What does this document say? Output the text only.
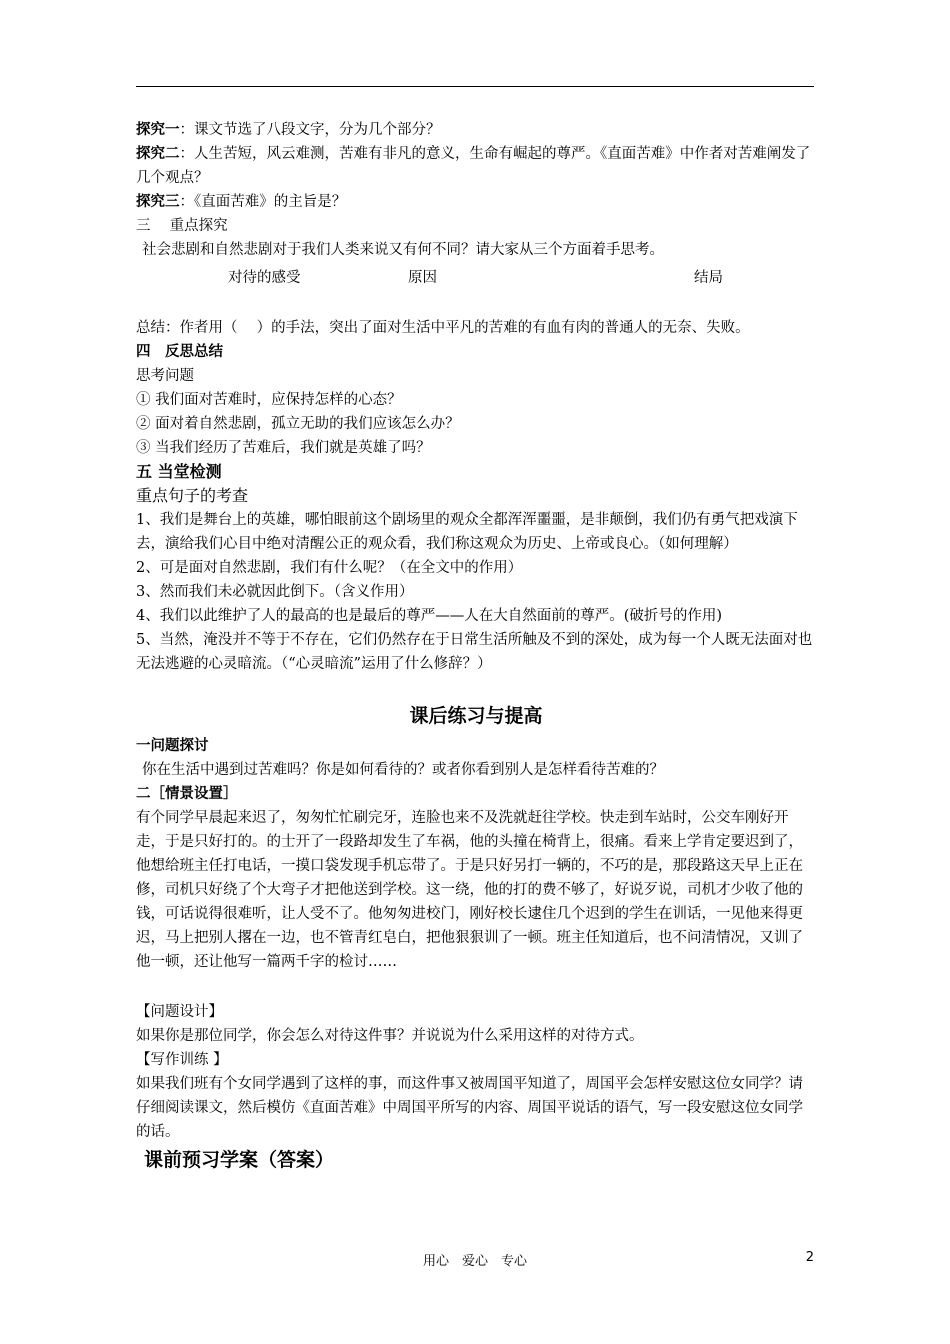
探究一：课文节选了八段文字，分为几个部分？

探究二：人生苦短，风云难测，苦难有非凡的意义，生命有崛起的尊严。《直面苦难》中作者对苦难阐发了几个观点？

探究三：《直面苦难》的主旨是？

三　 重点探究

社会悲剧和自然悲剧对于我们人类来说又有何不同？请大家从三个方面着手思考。

对待的感受	原因	结局

总结：作者用（　 ）的手法，突出了面对生活中平凡的苦难的有血有肉的普通人的无奈、失败。

四　反思总结

思考问题

① 我们面对苦难时，应保持怎样的心态？

② 面对着自然悲剧，孤立无助的我们应该怎么办？

③ 当我们经历了苦难后，我们就是英雄了吗？

五 当堂检测

重点句子的考查

1、我们是舞台上的英雄，哪怕眼前这个剧场里的观众全都浑浑噩噩，是非颠倒，我们仍有勇气把戏演下去，演给我们心目中绝对清醒公正的观众看，我们称这观众为历史、上帝或良心。（如何理解）

2、可是面对自然悲剧，我们有什么呢？（在全文中的作用）

3、然而我们未必就因此倒下。（含义作用）

4、我们以此维护了人的最高的也是最后的尊严——人在大自然面前的尊严。(破折号的作用)

5、当然，淹没并不等于不存在，它们仍然存在于日常生活所触及不到的深处，成为每一个人既无法面对也无法逃避的心灵暗流。（“心灵暗流”运用了什么修辞？）

课后练习与提高

一问题探讨

你在生活中遇到过苦难吗？你是如何看待的？或者你看到别人是怎样看待苦难的？

二［情景设置］

有个同学早晨起来迟了，匆匆忙忙刷完牙，连脸也来不及洗就赶往学校。快走到车站时，公交车刚好开走，于是只好打的。的士开了一段路却发生了车祸，他的头撞在椅背上，很痛。看来上学肯定要迟到了，他想给班主任打电话，一摸口袋发现手机忘带了。于是只好另打一辆的，不巧的是，那段路这天早上正在修，司机只好绕了个大弯子才把他送到学校。这一绕，他的打的费不够了，好说歹说，司机才少收了他的钱，可话说得很难听，让人受不了。他匆匆进校门，刚好校长逮住几个迟到的学生在训话，一见他来得更迟，马上把别人撂在一边，也不管青红皂白，把他狠狠训了一顿。班主任知道后，也不问清情况，又训了他一顿，还让他写一篇两千字的检讨……

【问题设计】

如果你是那位同学，你会怎么对待这件事？并说说为什么采用这样的对待方式。

【写作训练 】

如果我们班有个女同学遇到了这样的事，而这件事又被周国平知道了，周国平会怎样安慰这位女同学？请仔细阅读课文，然后模仿《直面苦难》中周国平所写的内容、周国平说话的语气，写一段安慰这位女同学的话。

课前预习学案（答案）

用心　爱心　专心	2
